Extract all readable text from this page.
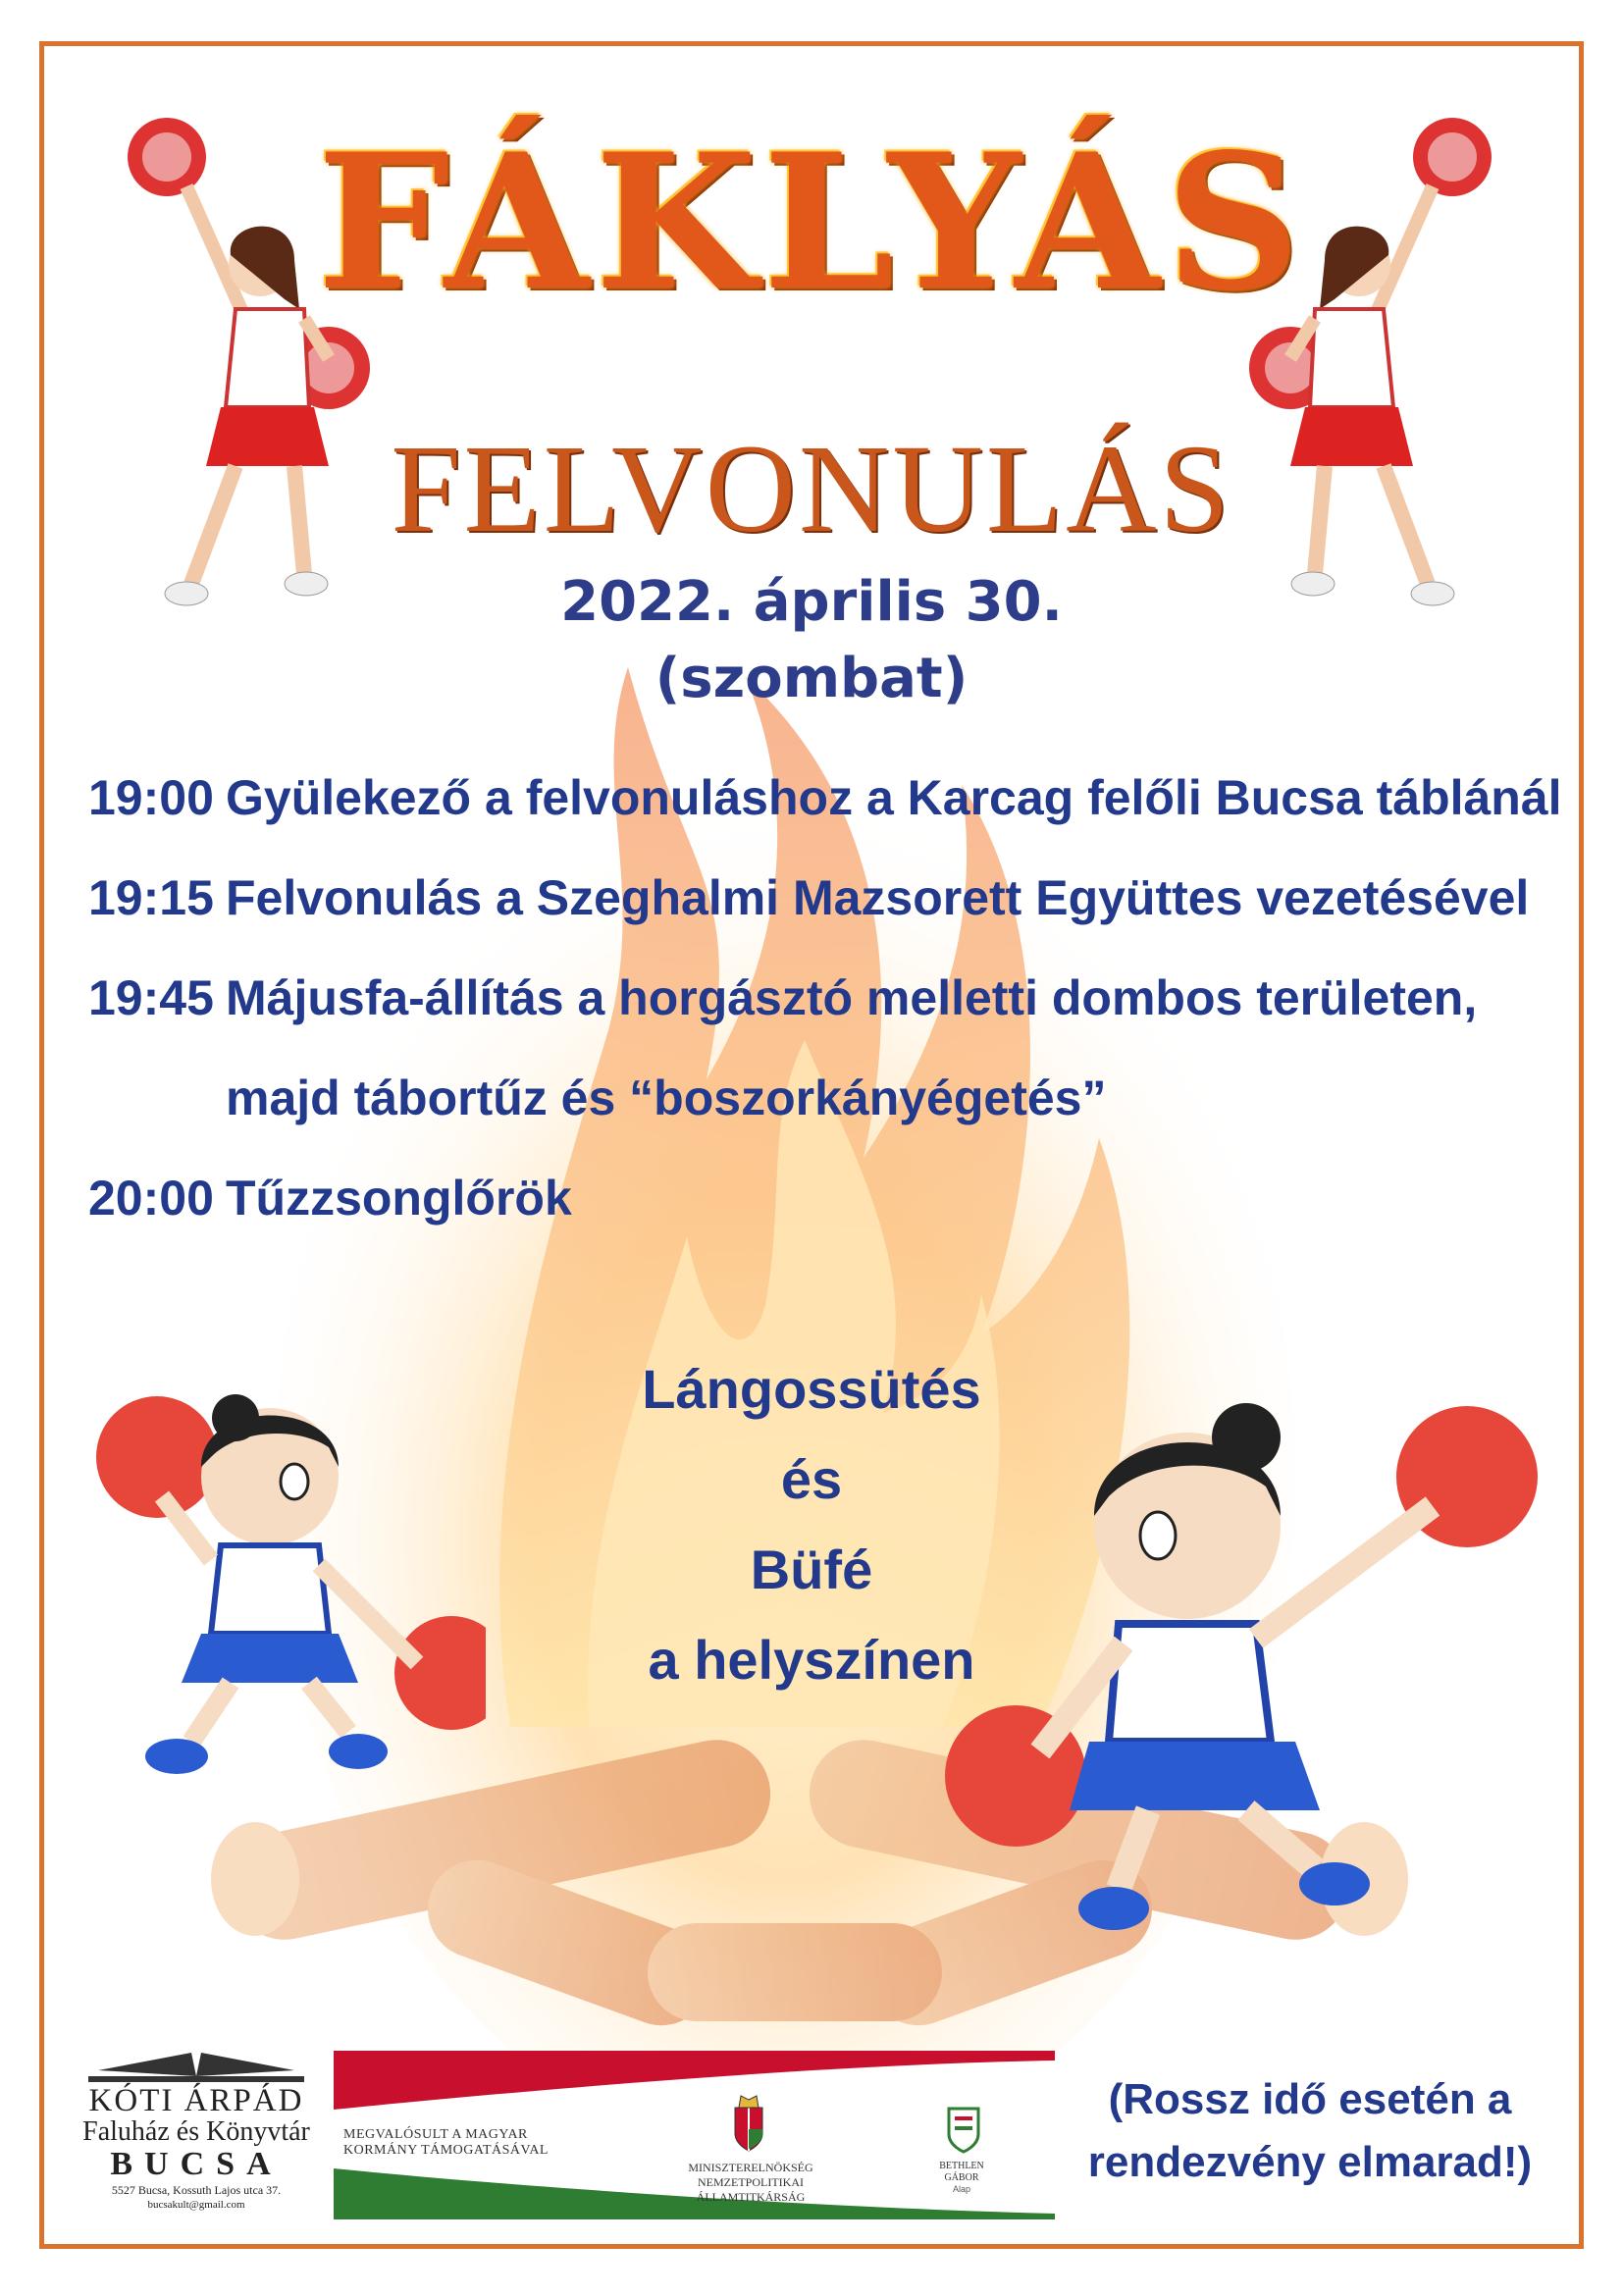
FÁKLYÁS
FELVONULÁS
2022. április 30.
(szombat)
19:00 Gyülekező a felvonuláshoz a Karcag felőli Bucsa táblánál
19:15 Felvonulás a Szeghalmi Mazsorett Együttes vezetésével
19:45 Májusfa-állítás a horgásztó melletti dombos területen,
majd tábortűz és “boszorkányégetés”
20:00 Tűzzsonglőrök
Lángossütés
és
Büfé
a helyszínen
KÓTI ÁRPÁD
Faluház és Könyvtár
BUCSA
5527 Bucsa, Kossuth Lajos utca 37.
bucsakult@gmail.com
MEGVALÓSULT A MAGYAR KORMÁNY TÁMOGATÁSÁVAL
MINISZTERELNÖKSÉG NEMZETPOLITIKAI ÁLLAMTITKÁRSÁG
BETHLEN GÁBOR
Alap
(Rossz idő esetén a
rendezvény elmarad!)
